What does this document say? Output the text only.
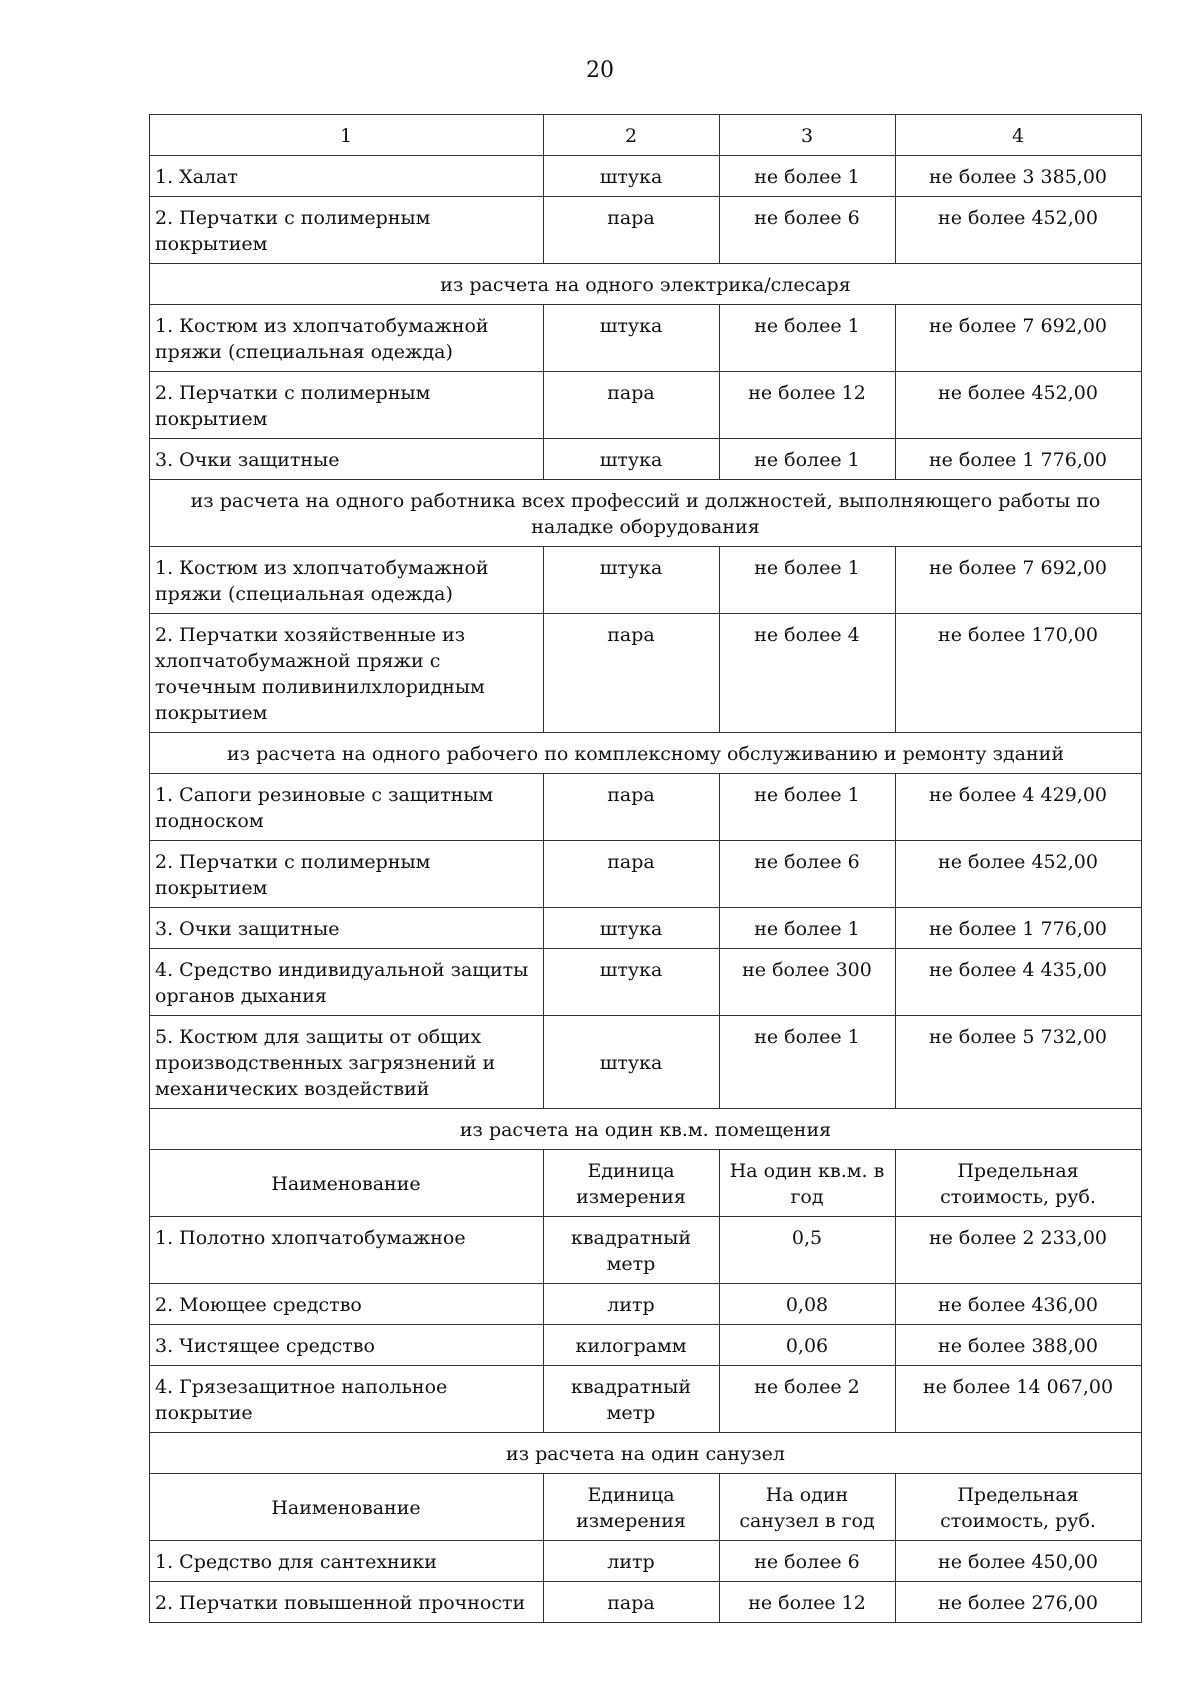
20
1	2	3	4
1. Халат	штука	не более 1	не более 3 385,00
2. Перчатки с полимерным покрытием	пара	не более 6	не более 452,00
из расчета на одного электрика/слесаря			
1. Костюм из хлопчатобумажной пряжи (специальная одежда)	штука	не более 1	не более 7 692,00
2. Перчатки с полимерным покрытием	пара	не более 12	не более 452,00
3. Очки защитные	штука	не более 1	не более 1 776,00
из расчета на одного работника всех профессий и должностей, выполняющего работы по наладке оборудования			
1. Костюм из хлопчатобумажной пряжи (специальная одежда)	штука	не более 1	не более 7 692,00
2. Перчатки хозяйственные из хлопчатобумажной пряжи с точечным поливинилхлоридным покрытием	пара	не более 4	не более 170,00
из расчета на одного рабочего по комплексному обслуживанию и ремонту зданий			
1. Сапоги резиновые с защитным подноском	пара	не более 1	не более 4 429,00
2. Перчатки с полимерным покрытием	пара	не более 6	не более 452,00
3. Очки защитные	штука	не более 1	не более 1 776,00
4. Средство индивидуальной защиты органов дыхания	штука	не более 300	не более 4 435,00
5. Костюм для защиты от общих производственных загрязнений и механических воздействий	штука	не более 1	не более 5 732,00
из расчета на один кв.м. помещения			
Наименование	Единица измерения	На один кв.м. в год	Предельная стоимость, руб.
1. Полотно хлопчатобумажное	квадратный метр	0,5	не более 2 233,00
2. Моющее средство	литр	0,08	не более 436,00
3. Чистящее средство	килограмм	0,06	не более 388,00
4. Грязезащитное напольное покрытие	квадратный метр	не более 2	не более 14 067,00
из расчета на один санузел			
Наименование	Единица измерения	На один санузел в год	Предельная стоимость, руб.
1. Средство для сантехники	литр	не более 6	не более 450,00
2. Перчатки повышенной прочности	пара	не более 12	не более 276,00
